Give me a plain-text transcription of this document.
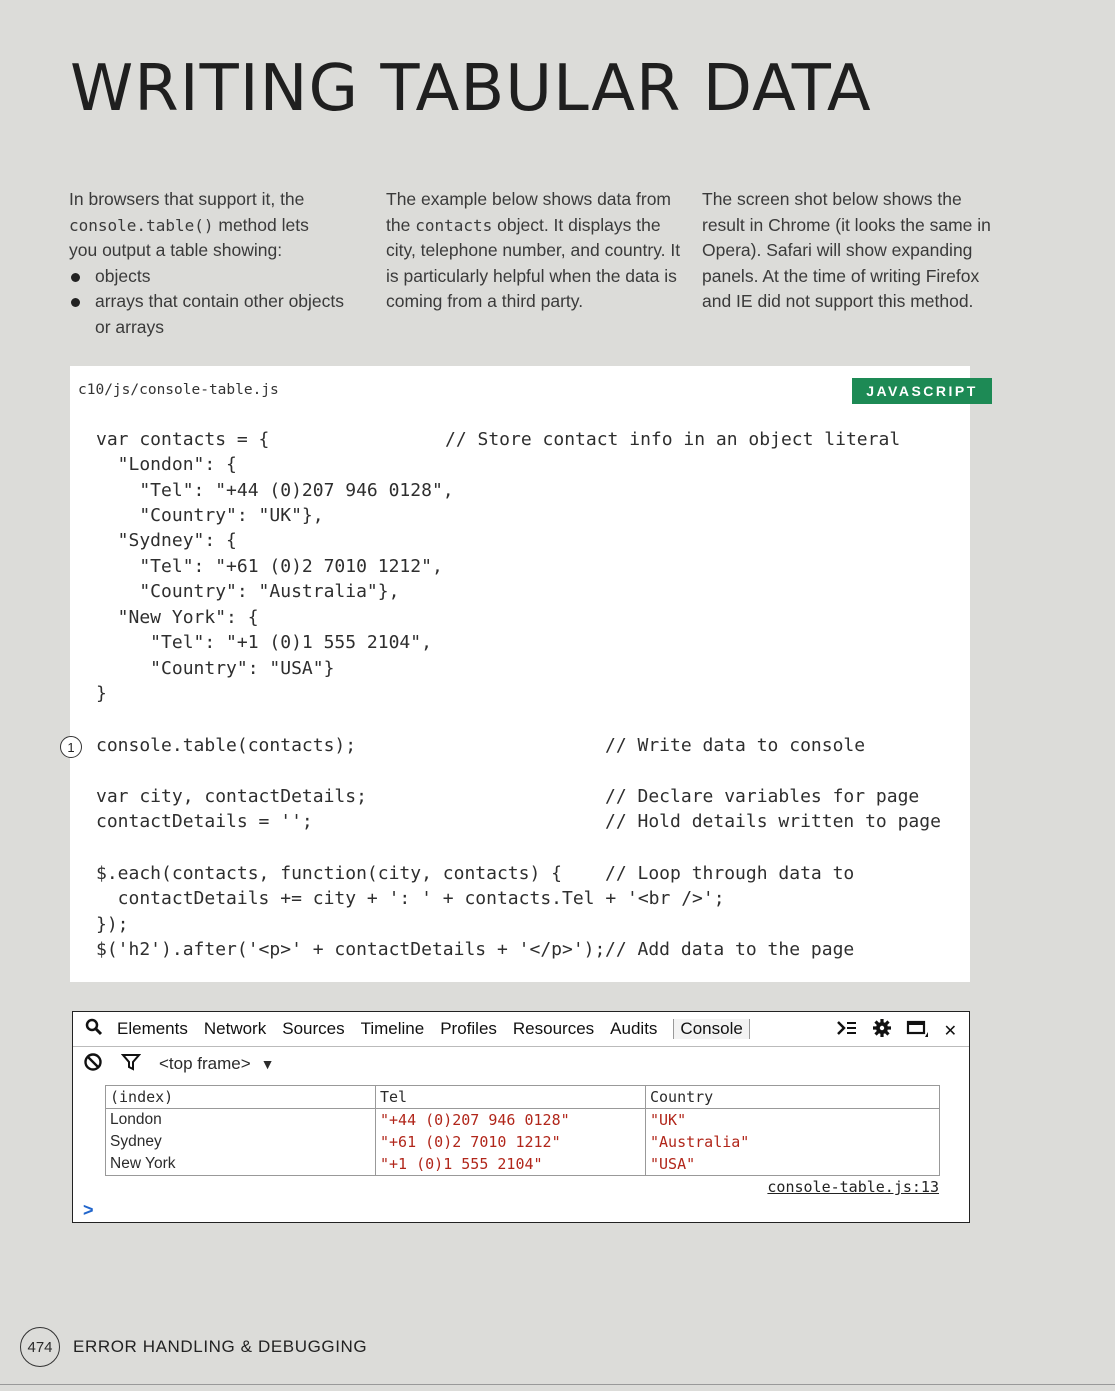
WRITING TABULAR DATA
In browsers that support it, the
console.table() method lets
you output a table showing:
objects
arrays that contain other objects or arrays
The example below shows data from the contacts object. It displays the city, telephone number, and country. It is particularly helpful when the data is coming from a third party.
The screen shot below shows the result in Chrome (it looks the same in Opera). Safari will show expanding panels. At the time of writing Firefox and IE did not support this method.
c10/js/console-table.js	JAVASCRIPT
var contacts = {	// Store contact info in an object literal
"London": {
"Tel": "+44 (0)207 946 0128",
"Country": "UK"},
"Sydney": {
"Tel": "+61 (0)2 7010 1212",
"Country": "Australia"},
"New York": {
"Tel": "+1 (0)1 555 2104",
"Country": "USA"}
}
1	console.table(contacts);	// Write data to console
var city, contactDetails;	// Declare variables for page
contactDetails = '';	// Hold details written to page
$.each(contacts, function(city, contacts) { // Loop through data to
contactDetails += city + ': ' + contacts.Tel + '<br />';
});
$('h2').after('<p>' + contactDetails + '</p>'); // Add data to the page
Elements Network Sources Timeline Profiles Resources Audits	Console	✕
<top frame> ▼
(index)	Tel	Country
London	"+44 (0)207 946 0128"	"UK"
Sydney	"+61 (0)2 7010 1212"	"Australia"
New York	"+1 (0)1 555 2104"	"USA"
console-table.js:13
>
474	ERROR HANDLING & DEBUGGING
